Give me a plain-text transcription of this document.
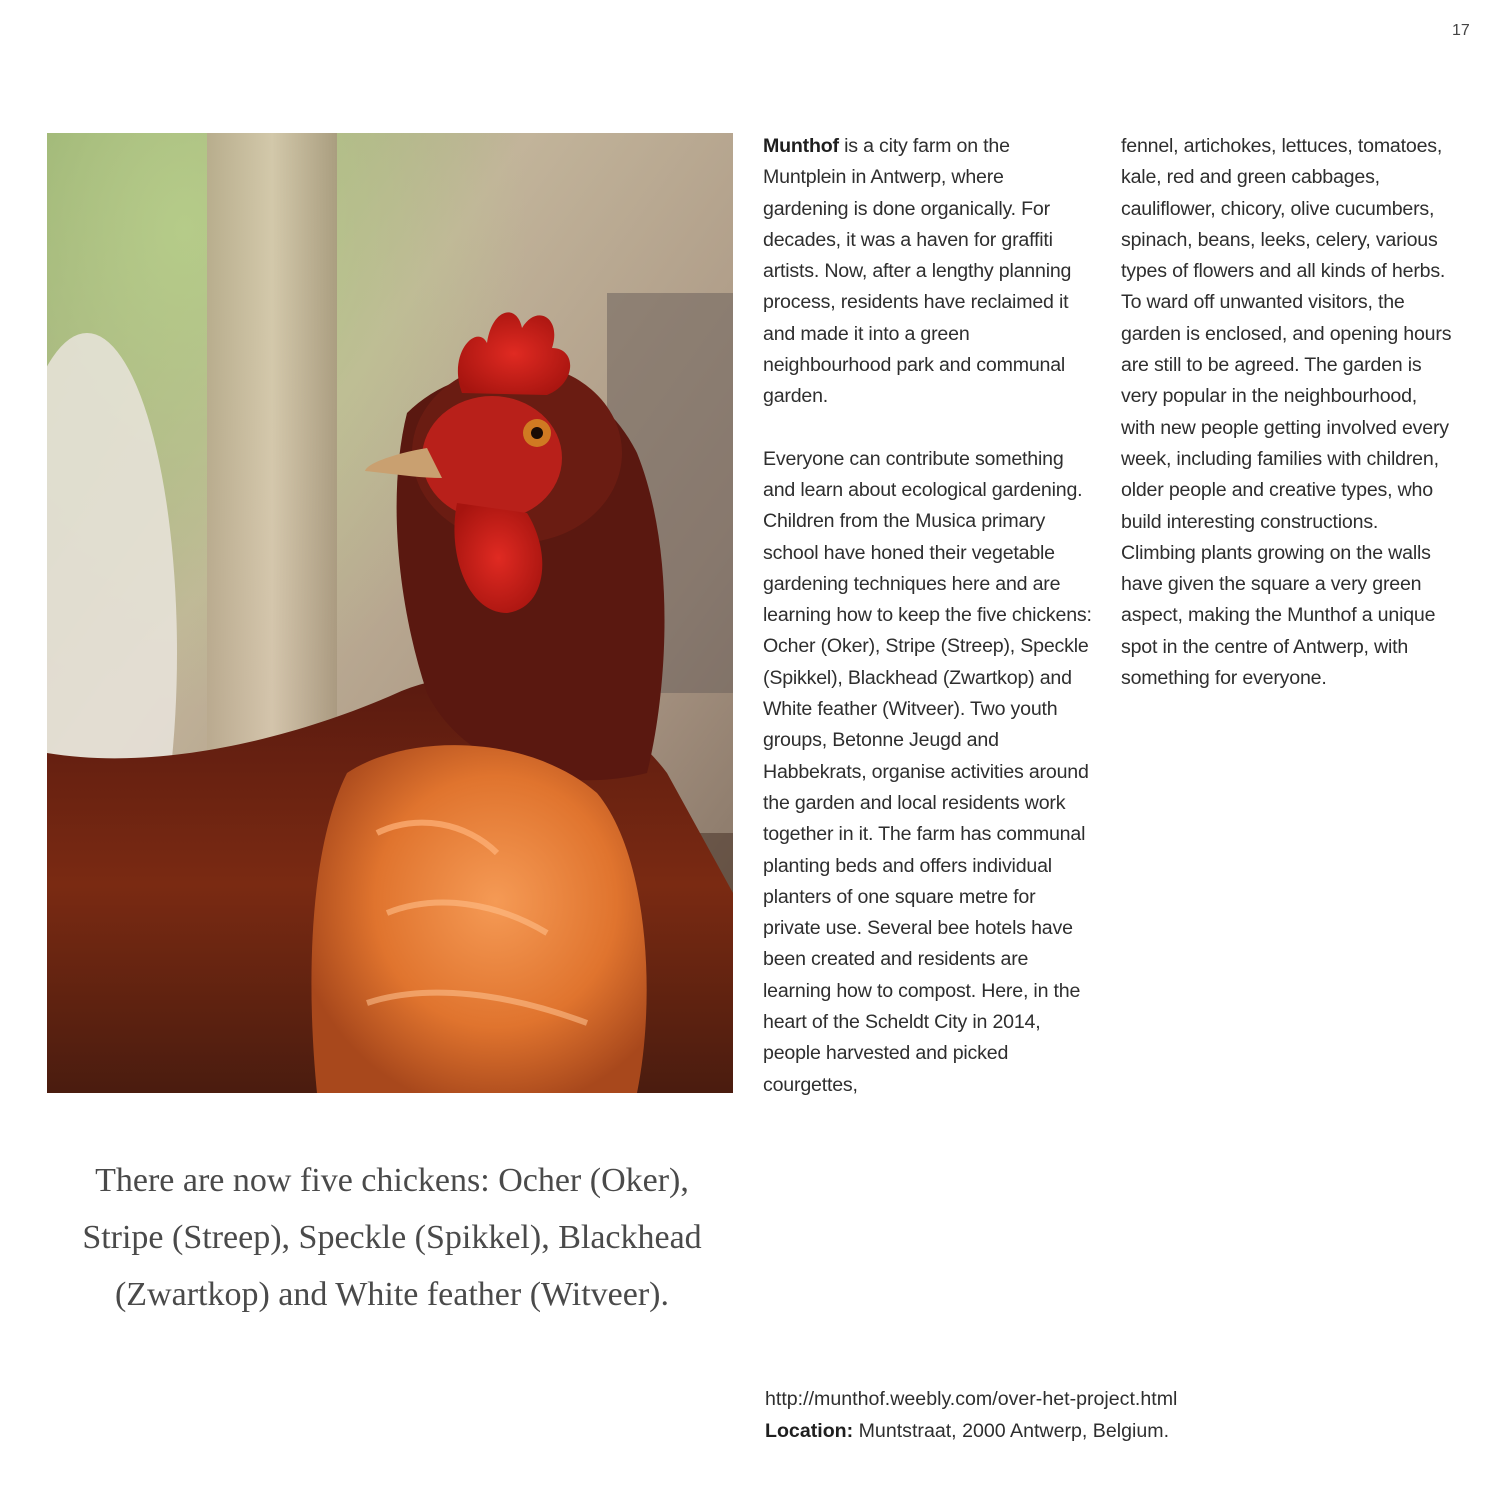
17

Munthof is a city farm on the Muntplein in Antwerp, where gardening is done organically. For decades, it was a haven for graffiti artists. Now, after a lengthy planning process, residents have reclaimed it and made it into a green neighbourhood park and communal garden.

Everyone can contribute something and learn about ecological gardening. Children from the Musica primary school have honed their vegetable gardening techniques here and are learning how to keep the five chickens: Ocher (Oker), Stripe (Streep), Speckle (Spikkel), Blackhead (Zwartkop) and White feather (Witveer). Two youth groups, Betonne Jeugd and Habbekrats, organise activities around the garden and local residents work together in it. The farm has communal planting beds and offers individual planters of one square metre for private use. Several bee hotels have been created and residents are learning how to compost. Here, in the heart of the Scheldt City in 2014, people harvested and picked courgettes,

fennel, artichokes, lettuces, tomatoes, kale, red and green cabbages, cauliflower, chicory, olive cucumbers, spinach, beans, leeks, celery, various types of flowers and all kinds of herbs. To ward off unwanted visitors, the garden is enclosed, and opening hours are still to be agreed. The garden is very popular in the neighbourhood, with new people getting involved every week, including families with children, older people and creative types, who build interesting constructions. Climbing plants growing on the walls have given the square a very green aspect, making the Munthof a unique spot in the centre of Antwerp, with something for everyone.

There are now five chickens: Ocher (Oker), Stripe (Streep), Speckle (Spikkel), Blackhead (Zwartkop) and White feather (Witveer).
http://munthof.weebly.com/over-het-project.html
Location: Muntstraat, 2000 Antwerp, Belgium.
